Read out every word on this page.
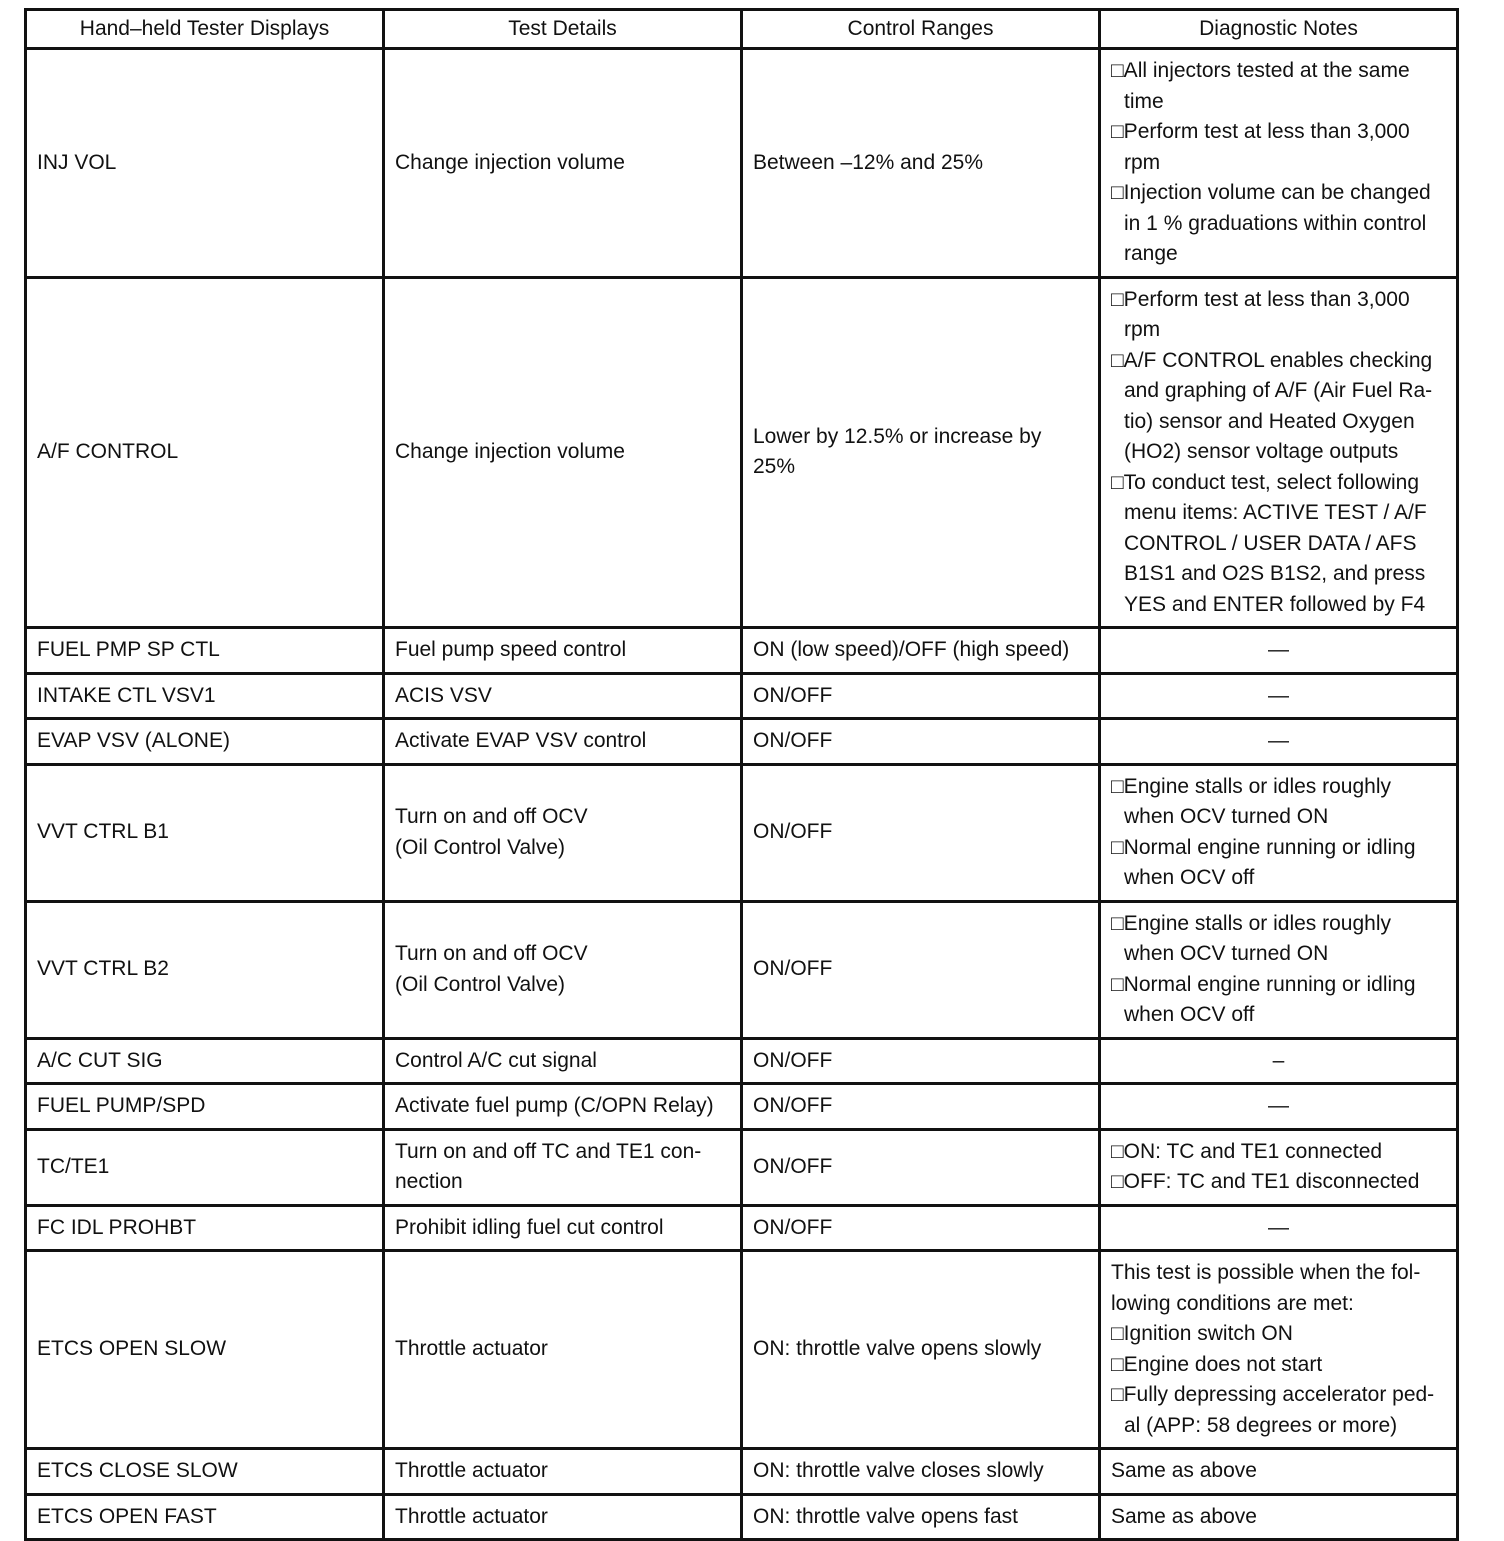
Hand–held Tester Displays	Test Details	Control Ranges	Diagnostic Notes
INJ VOL	Change injection volume	Between –12% and 25%	□All injectors tested at the same time
□Perform test at less than 3,000 rpm
□Injection volume can be changed in 1 % graduations within control range

A/F CONTROL	Change injection volume	Lower by 12.5% or increase by 25%	□Perform test at less than 3,000 rpm
□A/F CONTROL enables checking and graphing of A/F (Air Fuel Ra-tio) sensor and Heated Oxygen (HO2) sensor voltage outputs
□To conduct test, select following menu items: ACTIVE TEST / A/F CONTROL / USER DATA / AFS B1S1 and O2S B1S2, and press YES and ENTER followed by F4

FUEL PMP SP CTL	Fuel pump speed control	ON (low speed)/OFF (high speed)	—
INTAKE CTL VSV1	ACIS VSV	ON/OFF	—
EVAP VSV (ALONE)	Activate EVAP VSV control	ON/OFF	—
VVT CTRL B1	Turn on and off OCV
(Oil Control Valve)	ON/OFF	□Engine stalls or idles roughly when OCV turned ON
□Normal engine running or idling when OCV off

VVT CTRL B2	Turn on and off OCV
(Oil Control Valve)	ON/OFF	□Engine stalls or idles roughly when OCV turned ON
□Normal engine running or idling when OCV off

A/C CUT SIG	Control A/C cut signal	ON/OFF	–
FUEL PUMP/SPD	Activate fuel pump (C/OPN Relay)	ON/OFF	—
TC/TE1	Turn on and off TC and TE1 con-nection	ON/OFF	□ON: TC and TE1 connected
□OFF: TC and TE1 disconnected

FC IDL PROHBT	Prohibit idling fuel cut control	ON/OFF	—
ETCS OPEN SLOW	Throttle actuator	ON: throttle valve opens slowly	This test is possible when the fol-lowing conditions are met:
□Ignition switch ON
□Engine does not start
□Fully depressing accelerator ped-al (APP: 58 degrees or more)

ETCS CLOSE SLOW	Throttle actuator	ON: throttle valve closes slowly	Same as above
ETCS OPEN FAST	Throttle actuator	ON: throttle valve opens fast	Same as above
